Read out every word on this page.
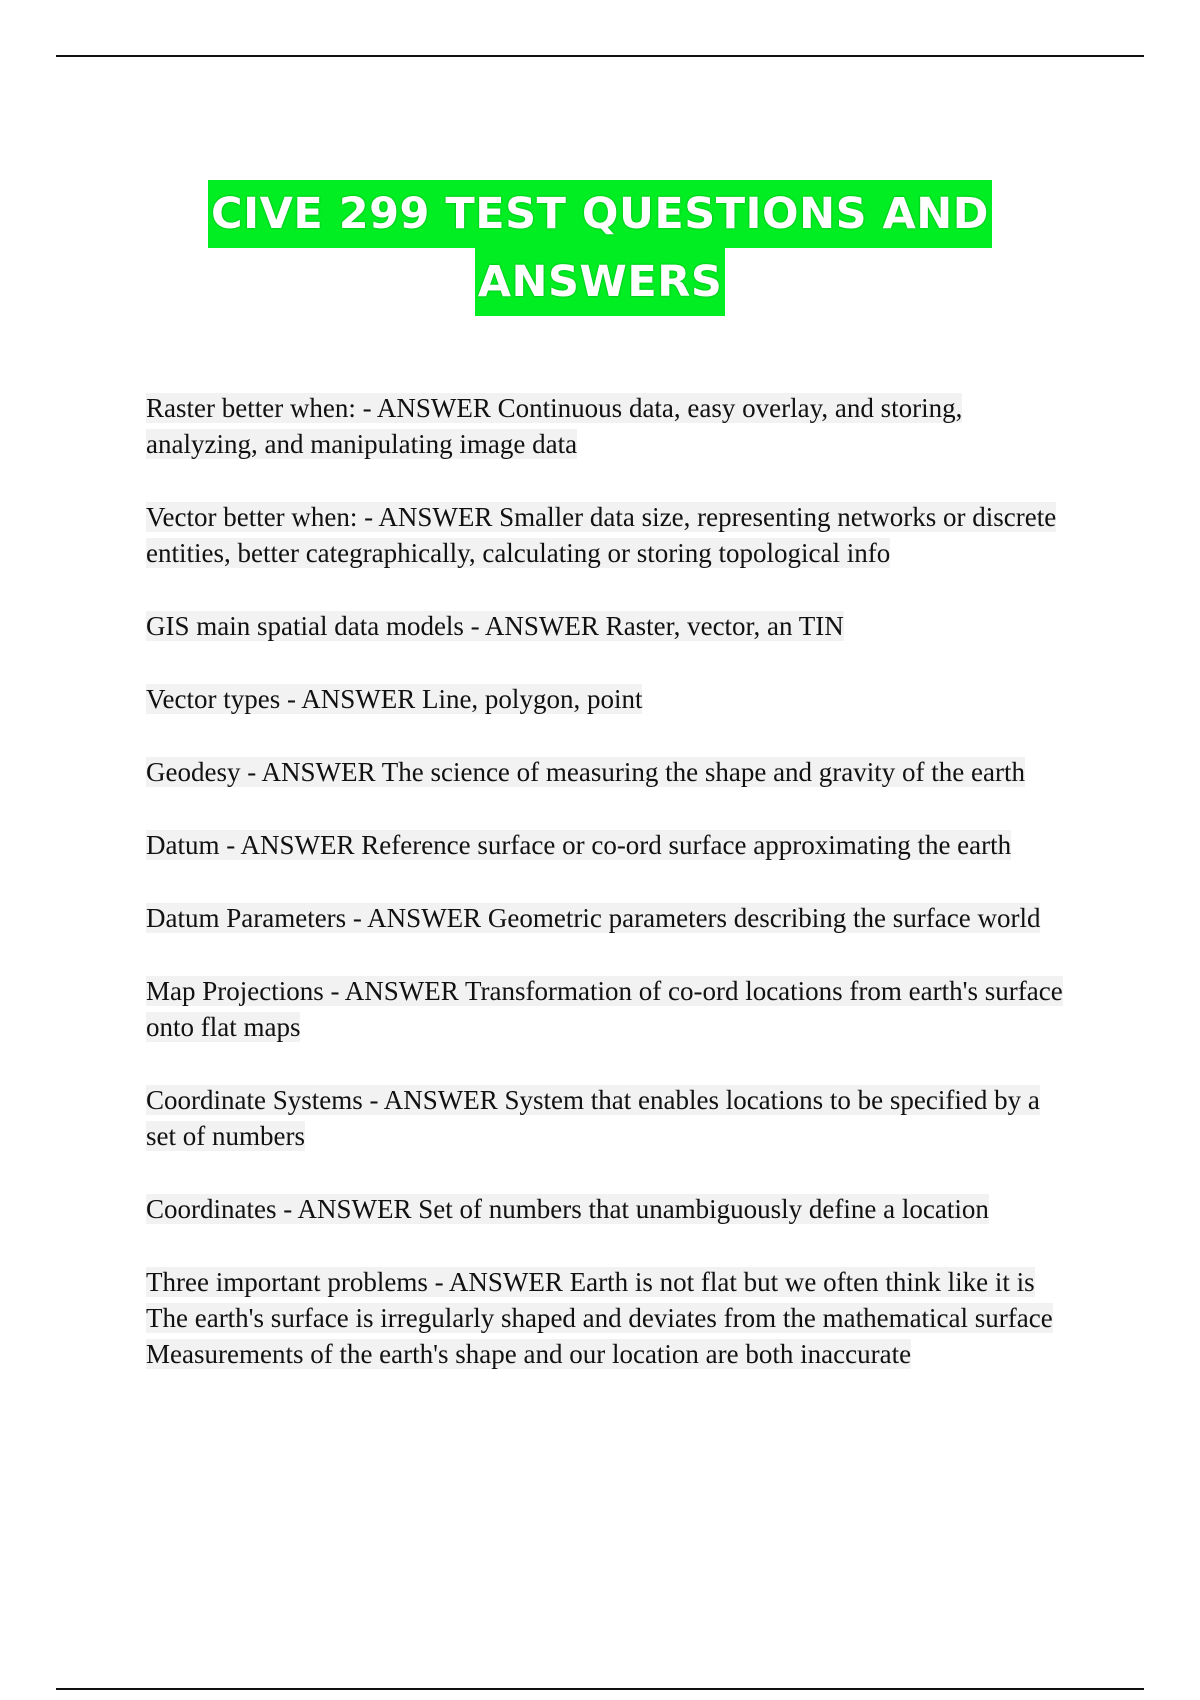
CIVE 299 TEST QUESTIONS AND
ANSWERS

Raster better when: - ANSWER Continuous data, easy overlay, and storing, analyzing, and manipulating image data

Vector better when: - ANSWER Smaller data size, representing networks or discrete entities, better categraphically, calculating or storing topological info

GIS main spatial data models - ANSWER Raster, vector, an TIN

Vector types - ANSWER Line, polygon, point

Geodesy - ANSWER The science of measuring the shape and gravity of the earth

Datum - ANSWER Reference surface or co-ord surface approximating the earth

Datum Parameters - ANSWER Geometric parameters describing the surface world

Map Projections - ANSWER Transformation of co-ord locations from earth's surface onto flat maps

Coordinate Systems - ANSWER System that enables locations to be specified by a set of numbers

Coordinates - ANSWER Set of numbers that unambiguously define a location

Three important problems - ANSWER Earth is not flat but we often think like it is
The earth's surface is irregularly shaped and deviates from the mathematical surface
Measurements of the earth's shape and our location are both inaccurate
